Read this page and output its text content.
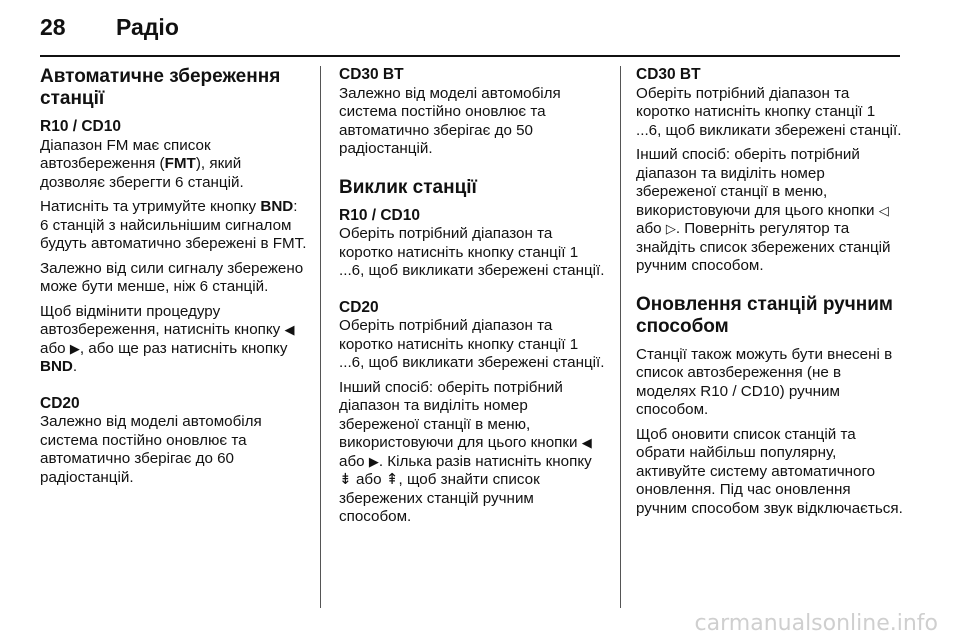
28 Радіо
Автоматичне збереження станції
R10 / CD10

Діапазон FM має список автозбереження (FMT), який дозволяє зберегти 6 станцій.

Натисніть та утримуйте кнопку BND: 6 станцій з найсильнішим сигналом будуть автоматично збережені в FMT.

Залежно від сили сигналу збережено може бути менше, ніж 6 станцій.

Щоб відмінити процедуру автозбереження, натисніть кнопку ◀ або ▶, або ще раз натисніть кнопку BND.

CD20

Залежно від моделі автомобіля система постійно оновлює та автоматично зберігає до 60 радіостанцій.

CD30 BT

Залежно від моделі автомобіля система постійно оновлює та автоматично зберігає до 50 радіостанцій.

Виклик станції
R10 / CD10

Оберіть потрібний діапазон та коротко натисніть кнопку станції 1 ...6, щоб викликати збережені станції.

CD20

Оберіть потрібний діапазон та коротко натисніть кнопку станції 1 ...6, щоб викликати збережені станції.

Інший спосіб: оберіть потрібний діапазон та виділіть номер збереженої станції в меню, використовуючи для цього кнопки ◀ або ▶. Кілька разів натисніть кнопку ⇟ або ⇞, щоб знайти список збережених станцій ручним способом.

CD30 BT

Оберіть потрібний діапазон та коротко натисніть кнопку станції 1 ...6, щоб викликати збережені станції.

Інший спосіб: оберіть потрібний діапазон та виділіть номер збереженої станції в меню, використовуючи для цього кнопки ◁ або ▷. Поверніть регулятор та знайдіть список збережених станцій ручним способом.

Оновлення станцій ручним способом

Станції також можуть бути внесені в список автозбереження (не в моделях R10 / CD10) ручним способом.

Щоб оновити список станцій та обрати найбільш популярну, активуйте систему автоматичного оновлення. Під час оновлення ручним способом звук відключається.

carmanualsonline.info
